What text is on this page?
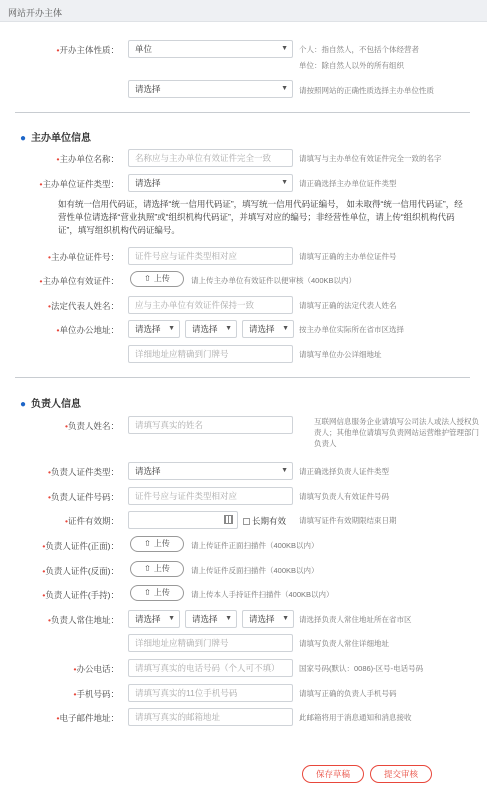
网站开办主体
•开办主体性质：	单位	▼ 个人：指自然人，不包括个体经营者
单位：除自然人以外的所有组织
请选择	▼ 请按照网站的正确性质选择主办单位性质
● 主办单位信息
•主办单位名称：	名称应与主办单位有效证件完全一致	请填写与主办单位有效证件完全一致的名字
•主办单位证件类型：	请选择	▼ 请正确选择主办单位证件类型
如有统一信用代码证，请选择“统一信用代码证”，填写统一信用代码证编号， 如未取得“统一信用代码证”，经营性单位请选择“营业执照”或“组织机构代码证”，并填写对应的编号；非经营性单位，请上传“组织机构代码证”，填写组织机构代码证编号。
•主办单位证件号：	证件号应与证件类型相对应	请填写正确的主办单位证件号
•主办单位有效证件：	⇧ 上传	请上传主办单位有效证件以便审核（400KB以内）
•法定代表人姓名：	应与主办单位有效证件保持一致	请填写正确的法定代表人姓名
•单位办公地址：	请选择 ▼	请选择 ▼	请选择 ▼ 按主办单位实际所在省市区选择
详细地址应精确到门牌号	请填写单位办公详细地址
● 负责人信息
•负责人姓名：	请填写真实的姓名	互联网信息服务企业请填写公司法人或法人授权负责人；其他单位请填写负责网站运营维护管理部门负责人
•负责人证件类型：	请选择	▼ 请正确选择负责人证件类型
•负责人证件号码：	证件号应与证件类型相对应	请填写负责人有效证件号码
•证件有效期：	长期有效 请填写证件有效期限结束日期
•负责人证件(正面)：	⇧ 上传	请上传证件正面扫描件（400KB以内）
•负责人证件(反面)：	⇧ 上传	请上传证件反面扫描件（400KB以内）
•负责人证件(手持)：	⇧ 上传	请上传本人手持证件扫描件（400KB以内）
•负责人常住地址：	请选择 ▼	请选择 ▼	请选择 ▼ 请选择负责人常住地址所在省市区
详细地址应精确到门牌号	请填写负责人常住详细地址
•办公电话：	请填写真实的电话号码（个人可不填）	国家号码(默认：0086)-区号-电话号码
•手机号码：	请填写真实的11位手机号码	请填写正确的负责人手机号码
•电子邮件地址：	请填写真实的邮箱地址	此邮箱将用于消息通知和消息接收
保存草稿	提交审核
